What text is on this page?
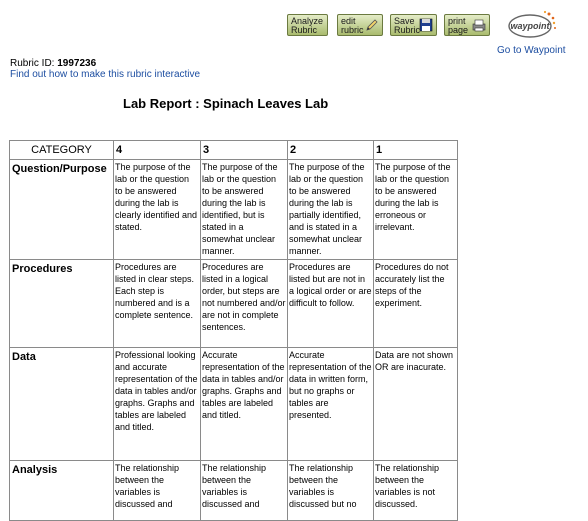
Analyze
Rubric
edit
rubric
Save
Rubric
print
page	waypoint
Go to Waypoint
Rubric ID: 1997236
Find out how to make this rubric interactive
Lab Report : Spinach Leaves Lab
CATEGORY	4	3	2	1
Question/Purpose	The purpose of the lab or the question to be answered during the lab is clearly identified and stated.	The purpose of the lab or the question to be answered during the lab is identified, but is stated in a somewhat unclear manner.	The purpose of the lab or the question to be answered during the lab is partially identified, and is stated in a somewhat unclear manner.	The purpose of the lab or the question to be answered during the lab is erroneous or irrelevant.
Procedures	Procedures are listed in clear steps. Each step is numbered and is a complete sentence.	Procedures are listed in a logical order, but steps are not numbered and/or are not in complete sentences.	Procedures are listed but are not in a logical order or are difficult to follow.	Procedures do not accurately list the steps of the experiment.
Data	Professional looking and accurate representation of the data in tables and/or graphs. Graphs and tables are labeled and titled.	Accurate representation of the data in tables and/or graphs. Graphs and tables are labeled and titled.	Accurate representation of the data in written form, but no graphs or tables are presented.	Data are not shown OR are inacurate.
Analysis	The relationship between the variables is discussed and	The relationship between the variables is discussed and	The relationship between the variables is discussed but no	The relationship between the variables is not discussed.
